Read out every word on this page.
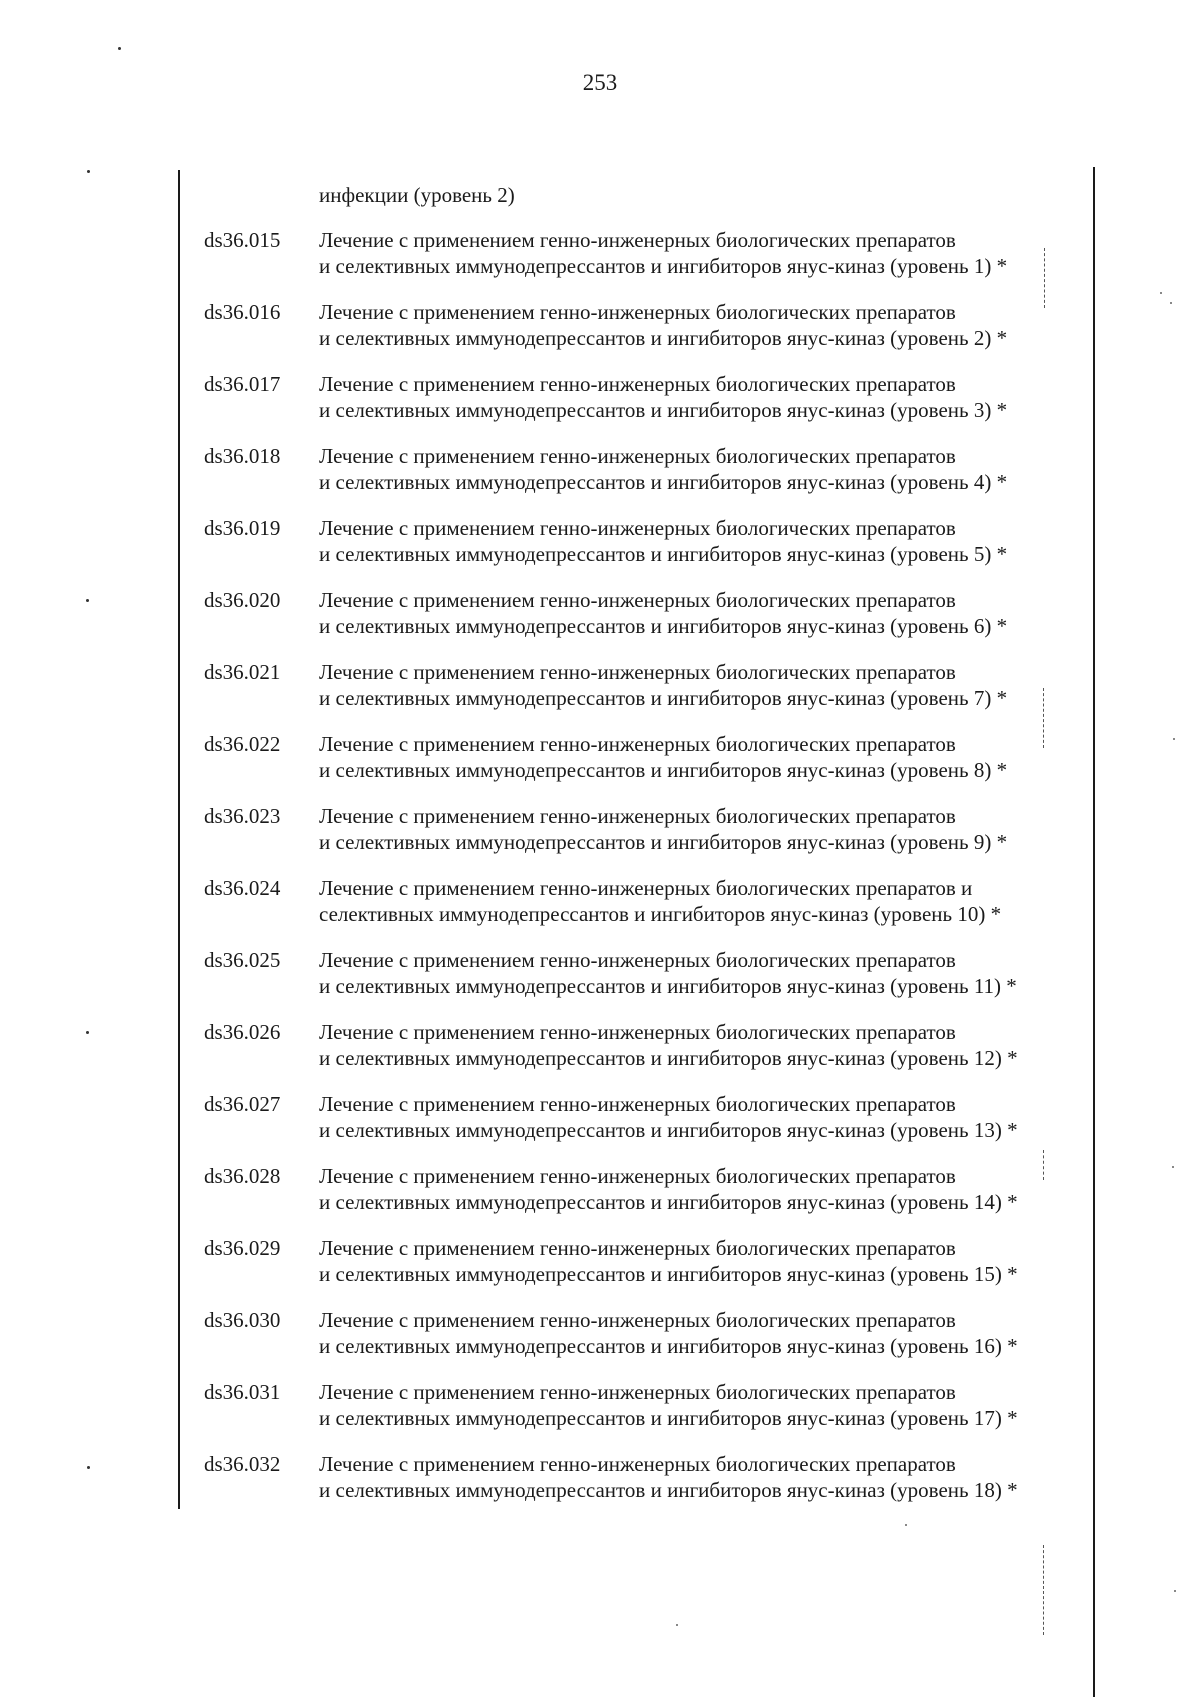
253
инфекции (уровень 2)
ds36.015 Лечение с применением генно-инженерных биологических препаратов
и селективных иммунодепрессантов и ингибиторов янус-киназ (уровень 1) *
ds36.016 Лечение с применением генно-инженерных биологических препаратов
и селективных иммунодепрессантов и ингибиторов янус-киназ (уровень 2) *
ds36.017 Лечение с применением генно-инженерных биологических препаратов
и селективных иммунодепрессантов и ингибиторов янус-киназ (уровень 3) *
ds36.018 Лечение с применением генно-инженерных биологических препаратов
и селективных иммунодепрессантов и ингибиторов янус-киназ (уровень 4) *
ds36.019 Лечение с применением генно-инженерных биологических препаратов
и селективных иммунодепрессантов и ингибиторов янус-киназ (уровень 5) *
ds36.020 Лечение с применением генно-инженерных биологических препаратов
и селективных иммунодепрессантов и ингибиторов янус-киназ (уровень 6) *
ds36.021 Лечение с применением генно-инженерных биологических препаратов
и селективных иммунодепрессантов и ингибиторов янус-киназ (уровень 7) *
ds36.022 Лечение с применением генно-инженерных биологических препаратов
и селективных иммунодепрессантов и ингибиторов янус-киназ (уровень 8) *
ds36.023 Лечение с применением генно-инженерных биологических препаратов
и селективных иммунодепрессантов и ингибиторов янус-киназ (уровень 9) *
ds36.024 Лечение с применением генно-инженерных биологических препаратов и
селективных иммунодепрессантов и ингибиторов янус-киназ (уровень 10) *
ds36.025 Лечение с применением генно-инженерных биологических препаратов
и селективных иммунодепрессантов и ингибиторов янус-киназ (уровень 11) *
ds36.026 Лечение с применением генно-инженерных биологических препаратов
и селективных иммунодепрессантов и ингибиторов янус-киназ (уровень 12) *
ds36.027 Лечение с применением генно-инженерных биологических препаратов
и селективных иммунодепрессантов и ингибиторов янус-киназ (уровень 13) *
ds36.028 Лечение с применением генно-инженерных биологических препаратов
и селективных иммунодепрессантов и ингибиторов янус-киназ (уровень 14) *
ds36.029 Лечение с применением генно-инженерных биологических препаратов
и селективных иммунодепрессантов и ингибиторов янус-киназ (уровень 15) *
ds36.030 Лечение с применением генно-инженерных биологических препаратов
и селективных иммунодепрессантов и ингибиторов янус-киназ (уровень 16) *
ds36.031 Лечение с применением генно-инженерных биологических препаратов
и селективных иммунодепрессантов и ингибиторов янус-киназ (уровень 17) *
ds36.032 Лечение с применением генно-инженерных биологических препаратов
и селективных иммунодепрессантов и ингибиторов янус-киназ (уровень 18) *
